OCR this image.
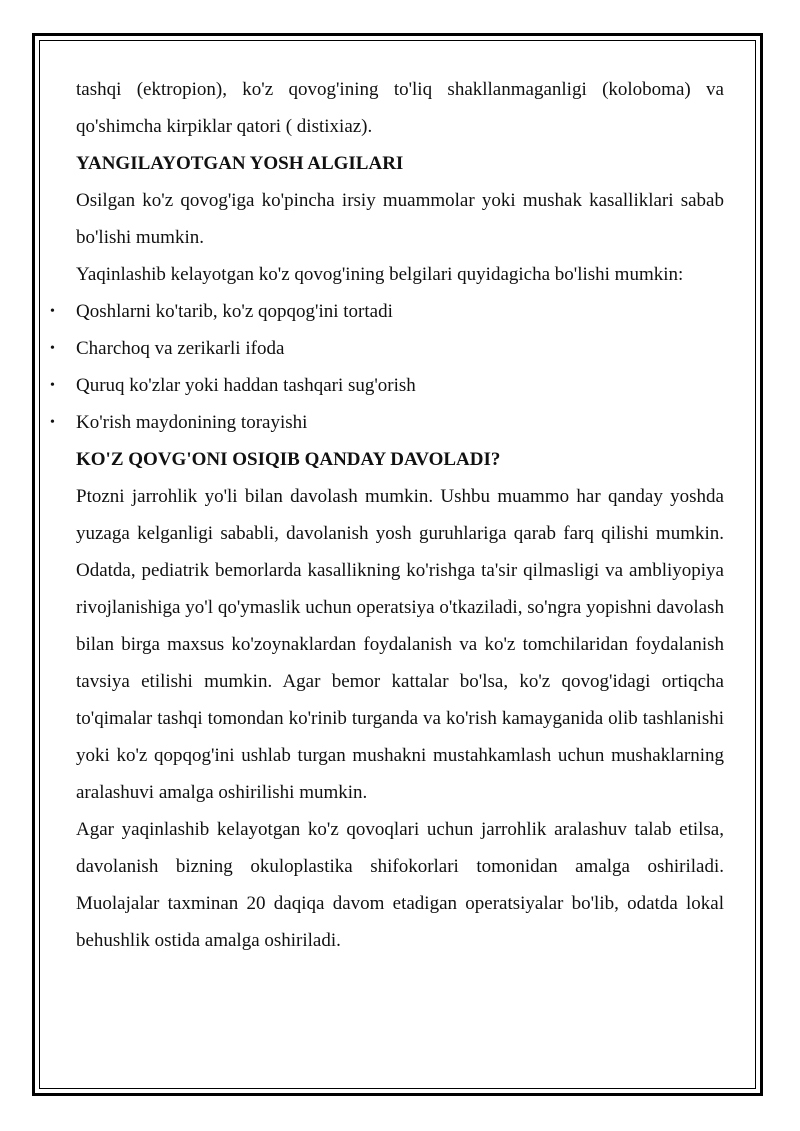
tashqi (ektropion), ko'z qovog'ining to'liq shakllanmaganligi (koloboma) va qo'shimcha kirpiklar qatori ( distixiaz).

YANGILAYOTGAN YOSH ALGILARI

Osilgan ko'z qovog'iga ko'pincha irsiy muammolar yoki mushak kasalliklari sabab bo'lishi mumkin.

Yaqinlashib kelayotgan ko'z qovog'ining belgilari quyidagicha bo'lishi mumkin:

• Qoshlarni ko'tarib, ko'z qopqog'ini tortadi
• Charchoq va zerikarli ifoda
• Quruq ko'zlar yoki haddan tashqari sug'orish
• Ko'rish maydonining torayishi

KO'Z QOVG'ONI OSIQIB QANDAY DAVOLADI?

Ptozni jarrohlik yo'li bilan davolash mumkin. Ushbu muammo har qanday yoshda yuzaga kelganligi sababli, davolanish yosh guruhlariga qarab farq qilishi mumkin. Odatda, pediatrik bemorlarda kasallikning ko'rishga ta'sir qilmasligi va ambliyopiya rivojlanishiga yo'l qo'ymaslik uchun operatsiya o'tkaziladi, so'ngra yopishni davolash bilan birga maxsus ko'zoynaklardan foydalanish va ko'z tomchilaridan foydalanish tavsiya etilishi mumkin. Agar bemor kattalar bo'lsa, ko'z qovog'idagi ortiqcha to'qimalar tashqi tomondan ko'rinib turganda va ko'rish kamayganida olib tashlanishi yoki ko'z qopqog'ini ushlab turgan mushakni mustahkamlash uchun mushaklarning aralashuvi amalga oshirilishi mumkin.

Agar yaqinlashib kelayotgan ko'z qovoqlari uchun jarrohlik aralashuv talab etilsa, davolanish bizning okuloplastika shifokorlari tomonidan amalga oshiriladi. Muolajalar taxminan 20 daqiqa davom etadigan operatsiyalar bo'lib, odatda lokal behushlik ostida amalga oshiriladi.
